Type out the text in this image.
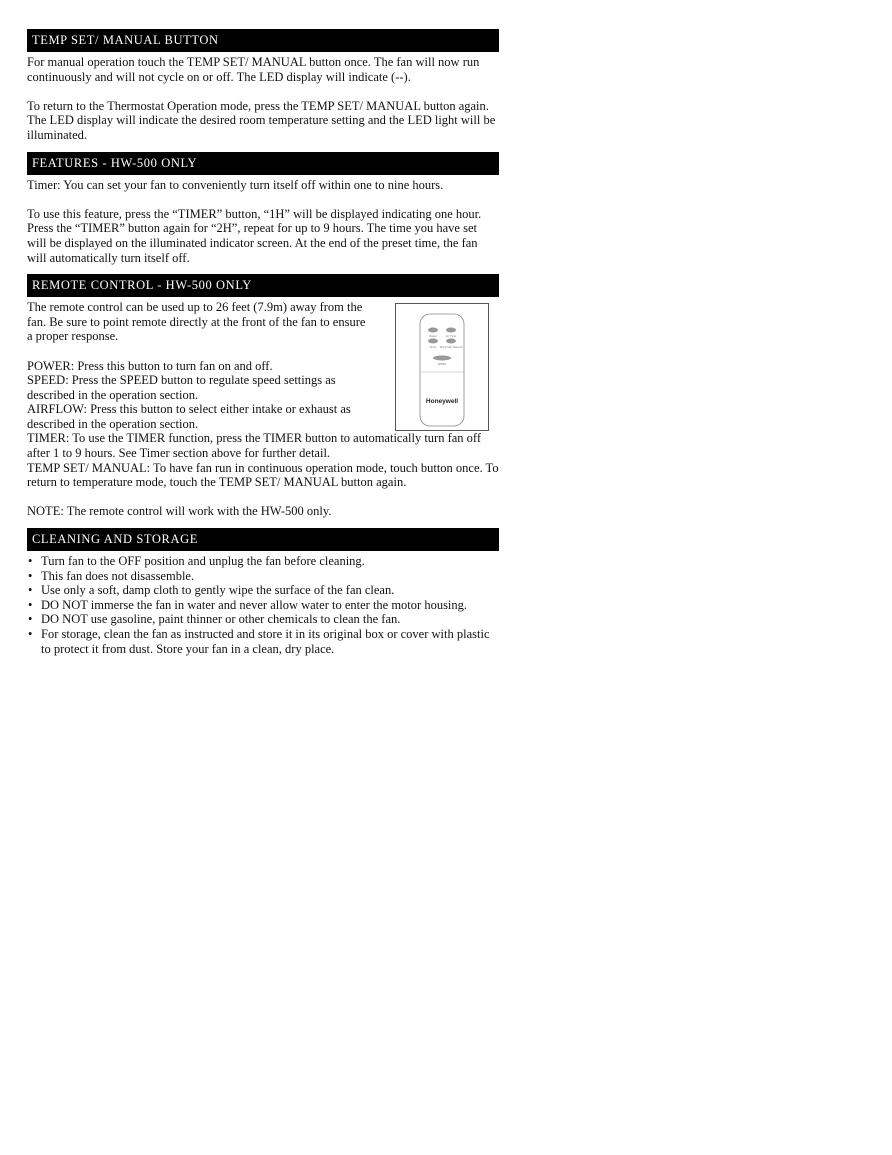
TEMP SET/ MANUAL BUTTON

For manual operation touch the TEMP SET/ MANUAL button once. The fan will now run continuously and will not cycle on or off. The LED display will indicate (--).

To return to the Thermostat Operation mode, press the TEMP SET/ MANUAL button again. The LED display will indicate the desired room temperature setting and the LED light will be illuminated.

FEATURES - HW-500 ONLY

Timer: You can set your fan to conveniently turn itself off within one to nine hours.

To use this feature, press the “TIMER” button, “1H” will be displayed indicating one hour. Press the “TIMER” button again for “2H”, repeat for up to 9 hours. The time you have set will be displayed on the illuminated indicator screen. At the end of the preset time, the fan will automatically turn itself off.

REMOTE CONTROL - HW-500 ONLY

The remote control can be used up to 26 feet (7.9m) away from the fan. Be sure to point remote directly at the front of the fan to ensure a proper response.

POWER: Press this button to turn fan on and off.

SPEED: Press the SPEED button to regulate speed settings as described in the operation section.

AIRFLOW: Press this button to select either intake or exhaust as described in the operation section.

TIMER: To use the TIMER function, press the TIMER button to automatically turn fan off after 1 to 9 hours. See Timer section above for further detail.

TEMP SET/ MANUAL: To have fan run in continuous operation mode, touch button once. To return to temperature mode, touch the TEMP SET/ MANUAL button again.

NOTE: The remote control will work with the HW-500 only.

Power	Air Flow
Timer	Temp Set/ Manual
SPEED
Honeywell
CLEANING AND STORAGE
• Turn fan to the OFF position and unplug the fan before cleaning.
• This fan does not disassemble.
• Use only a soft, damp cloth to gently wipe the surface of the fan clean.
• DO NOT immerse the fan in water and never allow water to enter the motor housing.
• DO NOT use gasoline, paint thinner or other chemicals to clean the fan.
• For storage, clean the fan as instructed and store it in its original box or cover with plastic to protect it from dust. Store your fan in a clean, dry place.
